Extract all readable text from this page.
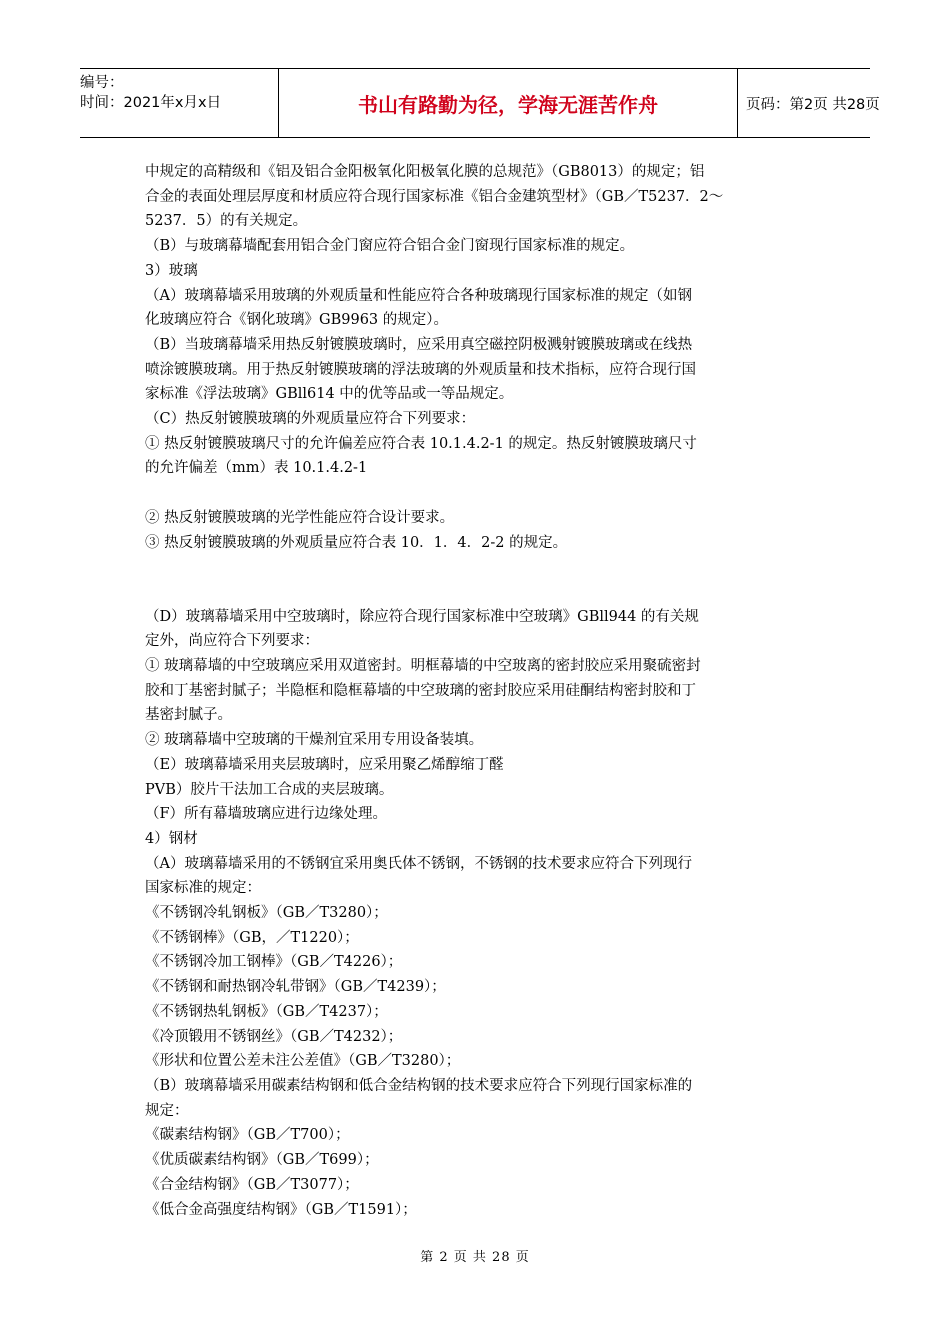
编号：
时间：2021年x月x日	书山有路勤为径，学海无涯苦作舟	页码：第2页 共28页
中规定的高精级和《铝及铝合金阳极氧化阳极氧化膜的总规范》（GB8013）的规定；铝
合金的表面处理层厚度和材质应符合现行国家标准《铝合金建筑型材》（GB／T5237．2～
5237．5）的有关规定。
（B）与玻璃幕墙配套用铝合金门窗应符合铝合金门窗现行国家标准的规定。
3）玻璃
（A）玻璃幕墙采用玻璃的外观质量和性能应符合各种玻璃现行国家标准的规定（如钢
化玻璃应符合《钢化玻璃》GB9963 的规定）。
（B）当玻璃幕墙采用热反射镀膜玻璃时，应采用真空磁控阴极溅射镀膜玻璃或在线热
喷涂镀膜玻璃。用于热反射镀膜玻璃的浮法玻璃的外观质量和技术指标，应符合现行国
家标准《浮法玻璃》GBll614 中的优等品或一等品规定。
（C）热反射镀膜玻璃的外观质量应符合下列要求：
① 热反射镀膜玻璃尺寸的允许偏差应符合表 10.1.4.2-1 的规定。热反射镀膜玻璃尺寸
的允许偏差（mm）表 10.1.4.2-1
② 热反射镀膜玻璃的光学性能应符合设计要求。
③ 热反射镀膜玻璃的外观质量应符合表 10．1．4．2-2 的规定。
（D）玻璃幕墙采用中空玻璃时，除应符合现行国家标准中空玻璃》GBll944 的有关规
定外，尚应符合下列要求：
① 玻璃幕墙的中空玻璃应采用双道密封。明框幕墙的中空玻离的密封胶应采用聚硫密封
胶和丁基密封腻子；半隐框和隐框幕墙的中空玻璃的密封胶应采用硅酮结构密封胶和丁
基密封腻子。
② 玻璃幕墙中空玻璃的干燥剂宜采用专用设备装填。
（E）玻璃幕墙采用夹层玻璃时，应采用聚乙烯醇缩丁醛
PVB）胶片干法加工合成的夹层玻璃。
（F）所有幕墙玻璃应进行边缘处理。
4）钢材
（A）玻璃幕墙采用的不锈钢宜采用奥氏体不锈钢，不锈钢的技术要求应符合下列现行
国家标准的规定：
《不锈钢冷轧钢板》（GB／T3280）；
《不锈钢棒》（GB，／T1220）；
《不锈钢冷加工钢棒》（GB／T4226）；
《不锈钢和耐热钢冷轧带钢》（GB／T4239）；
《不锈钢热轧钢板》（GB／T4237）；
《冷顶锻用不锈钢丝》（GB／T4232）；
《形状和位置公差未注公差值》（GB／T3280）；
（B）玻璃幕墙采用碳素结构钢和低合金结构钢的技术要求应符合下列现行国家标准的
规定：
《碳素结构钢》（GB／T700）；
《优质碳素结构钢》（GB／T699）；
《合金结构钢》（GB／T3077）；
《低合金高强度结构钢》（GB／T1591）；
第 2 页 共 28 页
